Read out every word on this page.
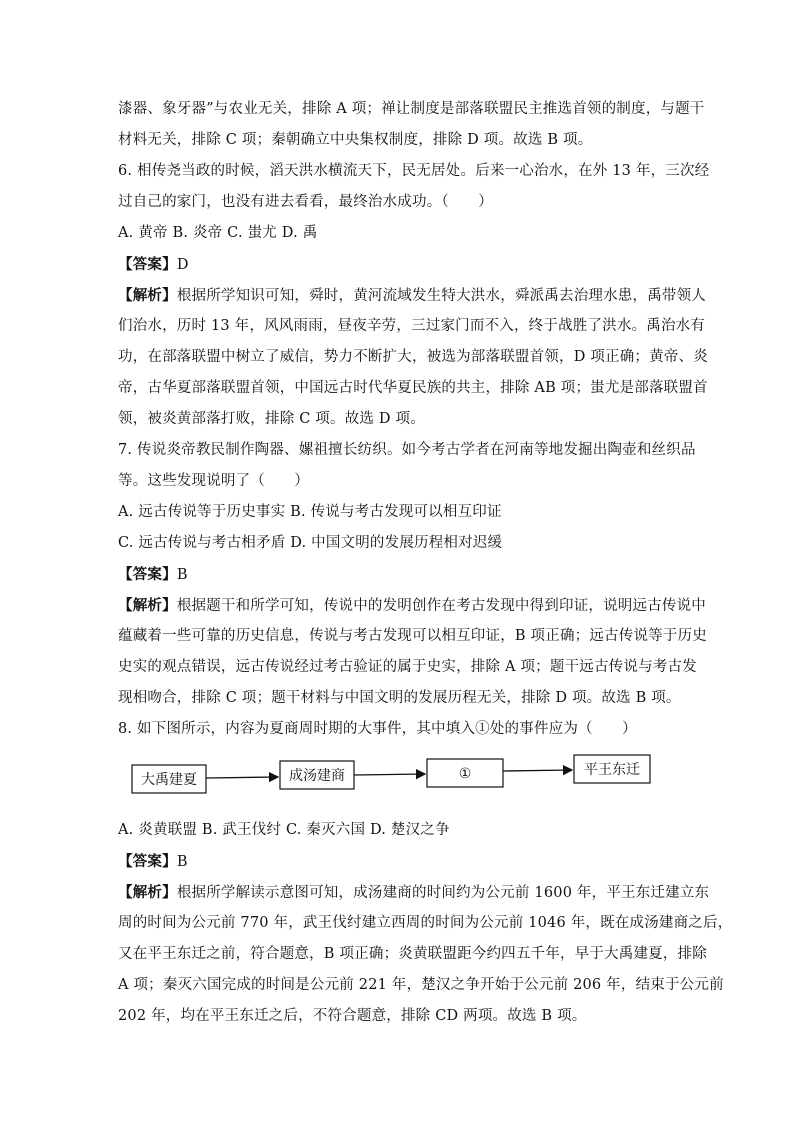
漆器、象牙器”与农业无关，排除 A 项；禅让制度是部落联盟民主推选首领的制度，与题干
材料无关，排除 C 项；秦朝确立中央集权制度，排除 D 项。故选 B 项。
6. 相传尧当政的时候，滔天洪水横流天下，民无居处。后来一心治水，在外 13 年，三次经
过自己的家门，也没有进去看看，最终治水成功。（　　）
A. 黄帝 B. 炎帝 C. 蚩尤 D. 禹
【答案】D
【解析】根据所学知识可知，舜时，黄河流域发生特大洪水，舜派禹去治理水患，禹带领人
们治水，历时 13 年，风风雨雨，昼夜辛劳，三过家门而不入，终于战胜了洪水。禹治水有
功，在部落联盟中树立了威信，势力不断扩大，被选为部落联盟首领，D 项正确；黄帝、炎
帝，古华夏部落联盟首领，中国远古时代华夏民族的共主，排除 AB 项；蚩尤是部落联盟首
领，被炎黄部落打败，排除 C 项。故选 D 项。
7. 传说炎帝教民制作陶器、嫘祖擅长纺织。如今考古学者在河南等地发掘出陶壶和丝织品
等。这些发现说明了（　　）
A. 远古传说等于历史事实 B. 传说与考古发现可以相互印证
C. 远古传说与考古相矛盾 D. 中国文明的发展历程相对迟缓
【答案】B
【解析】根据题干和所学可知，传说中的发明创作在考古发现中得到印证，说明远古传说中
蕴藏着一些可靠的历史信息，传说与考古发现可以相互印证，B 项正确；远古传说等于历史
史实的观点错误，远古传说经过考古验证的属于史实，排除 A 项；题干远古传说与考古发
现相吻合，排除 C 项；题干材料与中国文明的发展历程无关，排除 D 项。故选 B 项。
8. 如下图所示，内容为夏商周时期的大事件，其中填入①处的事件应为（　　）
大禹建夏	成汤建商	①	平王东迁
A. 炎黄联盟 B. 武王伐纣 C. 秦灭六国 D. 楚汉之争
【答案】B
【解析】根据所学解读示意图可知，成汤建商的时间约为公元前 1600 年，平王东迁建立东
周的时间为公元前 770 年，武王伐纣建立西周的时间为公元前 1046 年，既在成汤建商之后，
又在平王东迁之前，符合题意，B 项正确；炎黄联盟距今约四五千年，早于大禹建夏，排除
A 项；秦灭六国完成的时间是公元前 221 年，楚汉之争开始于公元前 206 年，结束于公元前
202 年，均在平王东迁之后，不符合题意，排除 CD 两项。故选 B 项。
